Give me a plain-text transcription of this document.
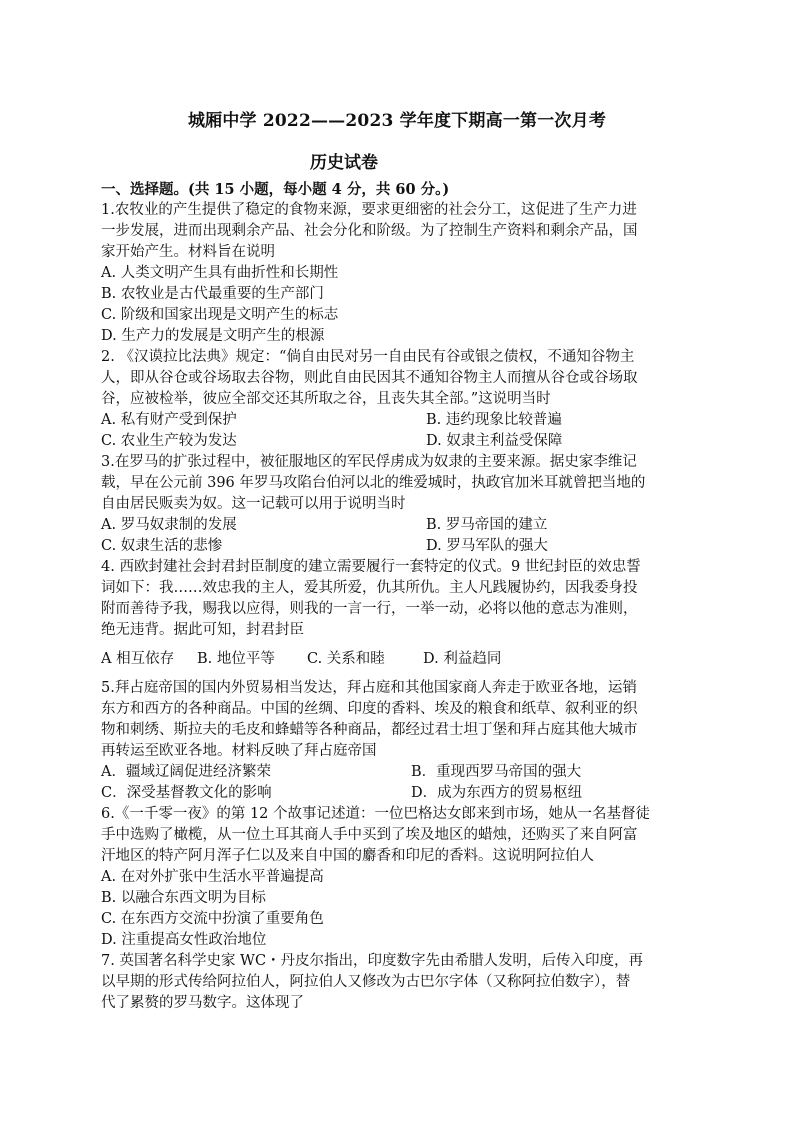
城厢中学 2022——2023 学年度下期高一第一次月考
历史试卷
一、选择题。(共 15 小题，每小题 4 分，共 60 分。)
1.农牧业的产生提供了稳定的食物来源，要求更细密的社会分工，这促进了生产力进
一步发展，进而出现剩余产品、社会分化和阶级。为了控制生产资料和剩余产品，国
家开始产生。材料旨在说明
A. 人类文明产生具有曲折性和长期性
B. 农牧业是古代最重要的生产部门
C. 阶级和国家出现是文明产生的标志
D. 生产力的发展是文明产生的根源
2. 《汉谟拉比法典》规定：“倘自由民对另一自由民有谷或银之债权，不通知谷物主
人，即从谷仓或谷场取去谷物，则此自由民因其不通知谷物主人而擅从谷仓或谷场取
谷，应被检举，彼应全部交还其所取之谷，且丧失其全部。”这说明当时
A. 私有财产受到保护	B. 违约现象比较普遍
C. 农业生产较为发达	D. 奴隶主利益受保障
3.在罗马的扩张过程中，被征服地区的军民俘虏成为奴隶的主要来源。据史家李维记
载，早在公元前 396 年罗马攻陷台伯河以北的维爱城时，执政官加米耳就曾把当地的
自由居民贩卖为奴。这一记载可以用于说明当时
A. 罗马奴隶制的发展	B. 罗马帝国的建立
C. 奴隶生活的悲惨	D. 罗马军队的强大
4. 西欧封建社会封君封臣制度的建立需要履行一套特定的仪式。9 世纪封臣的效忠誓
词如下：我……效忠我的主人，爱其所爱，仇其所仇。主人凡践履协约，因我委身投
附而善待予我，赐我以应得，则我的一言一行，一举一动，必将以他的意志为准则，
绝无违背。据此可知，封君封臣
A 相互依存 B. 地位平等 C. 关系和睦	D. 利益趋同
5.拜占庭帝国的国内外贸易相当发达，拜占庭和其他国家商人奔走于欧亚各地，运销
东方和西方的各种商品。中国的丝绸、印度的香料、埃及的粮食和纸草、叙利亚的织
物和刺绣、斯拉夫的毛皮和蜂蜡等各种商品，都经过君士坦丁堡和拜占庭其他大城市
再转运至欧亚各地。材料反映了拜占庭帝国
A．疆域辽阔促进经济繁荣	B．重现西罗马帝国的强大
C．深受基督教文化的影响	D．成为东西方的贸易枢纽
6.《一千零一夜》的第 12 个故事记述道：一位巴格达女郎来到市场，她从一名基督徒
手中选购了橄榄，从一位土耳其商人手中买到了埃及地区的蜡烛，还购买了来自阿富
汗地区的特产阿月浑子仁以及来自中国的麝香和印尼的香料。这说明阿拉伯人
A. 在对外扩张中生活水平普遍提高
B. 以融合东西文明为目标
C. 在东西方交流中扮演了重要角色
D. 注重提高女性政治地位
7. 英国著名科学史家 WC・丹皮尔指出，印度数字先由希腊人发明，后传入印度，再
以早期的形式传给阿拉伯人，阿拉伯人又修改为古巴尔字体（又称阿拉伯数字），替
代了累赘的罗马数字。这体现了
